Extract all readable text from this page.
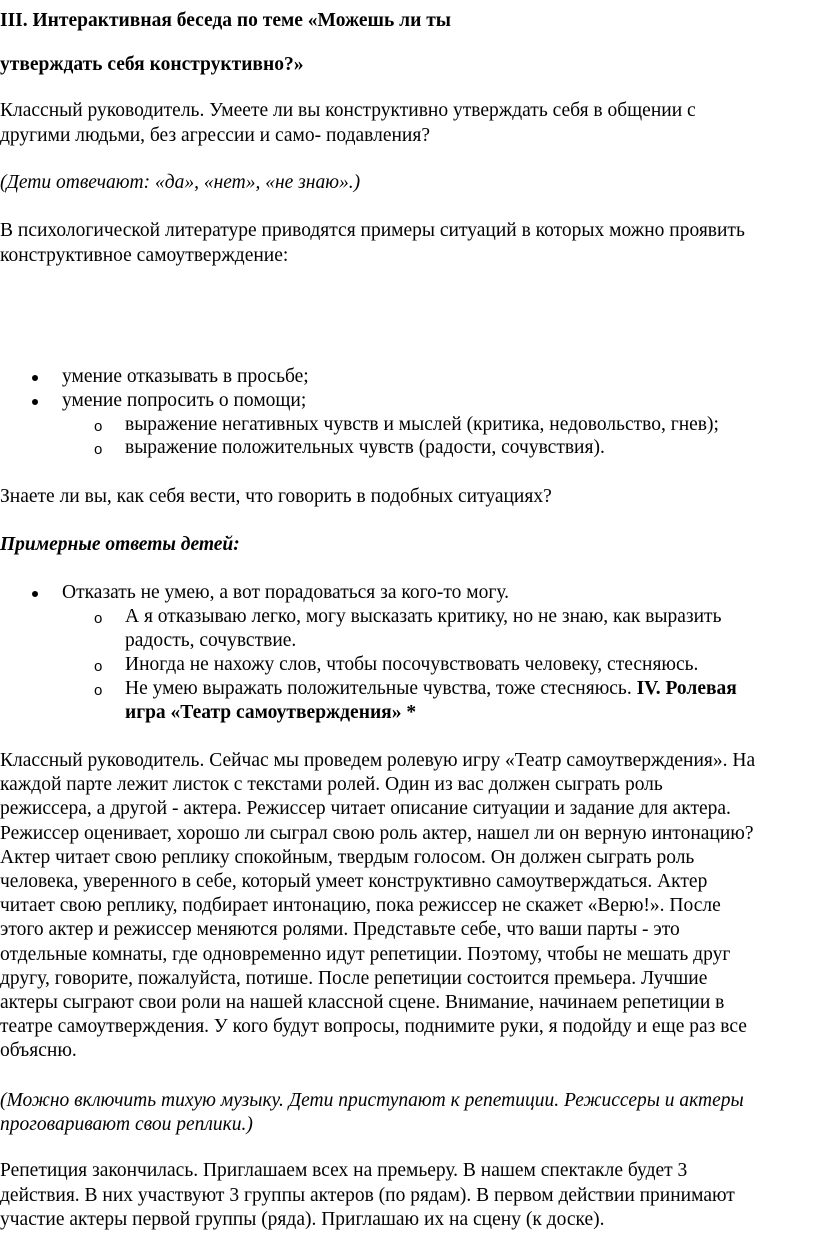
III. Интерактивная беседа по теме «Можешь ли ты
утверждать себя конструктивно?»
Классный руководитель. Умеете ли вы конструктивно утверждать себя в общении с
другими людьми, без агрессии и само- подавления?
(Дети отвечают: «да», «нет», «не знаю».)
В психологической литературе приводятся примеры ситуаций в которых можно проявить
конструктивное самоутверждение:
умение отказывать в просьбе;
умение попросить о помощи;
o выражение негативных чувств и мыслей (критика, недовольство, гнев);
o выражение положительных чувств (радости, сочувствия).
Знаете ли вы, как себя вести, что говорить в подобных ситуациях?
Примерные ответы детей:
Отказать не умею, а вот порадоваться за кого-то могу.
o А я отказываю легко, могу высказать критику, но не знаю, как выразить
радость, сочувствие.
o Иногда не нахожу слов, чтобы посочувствовать человеку, стесняюсь.
o Не умею выражать положительные чувства, тоже стесняюсь. IV. Ролевая
игра «Театр самоутверждения» *
Классный руководитель. Сейчас мы проведем ролевую игру «Театр самоутверждения». На
каждой парте лежит листок с текстами ролей. Один из вас должен сыграть роль
режиссера, а другой - актера. Режиссер читает описание ситуации и задание для актера.
Режиссер оценивает, хорошо ли сыграл свою роль актер, нашел ли он верную интонацию?
Актер читает свою реплику спокойным, твердым голосом. Он должен сыграть роль
человека, уверенного в себе, который умеет конструктивно самоутверждаться. Актер
читает свою реплику, подбирает интонацию, пока режиссер не скажет «Верю!». После
этого актер и режиссер меняются ролями. Представьте себе, что ваши парты - это
отдельные комнаты, где одновременно идут репетиции. Поэтому, чтобы не мешать друг
другу, говорите, пожалуйста, потише. После репетиции состоится премьера. Лучшие
актеры сыграют свои роли на нашей классной сцене. Внимание, начинаем репетиции в
театре самоутверждения. У кого будут вопросы, поднимите руки, я подойду и еще раз все
объясню.
(Можно включить тихую музыку. Дети приступают к репетиции. Режиссеры и актеры
проговаривают свои реплики.)
Репетиция закончилась. Приглашаем всех на премьеру. В нашем спектакле будет 3
действия. В них участвуют 3 группы актеров (по рядам). В первом действии принимают
участие актеры первой группы (ряда). Приглашаю их на сцену (к доске).
